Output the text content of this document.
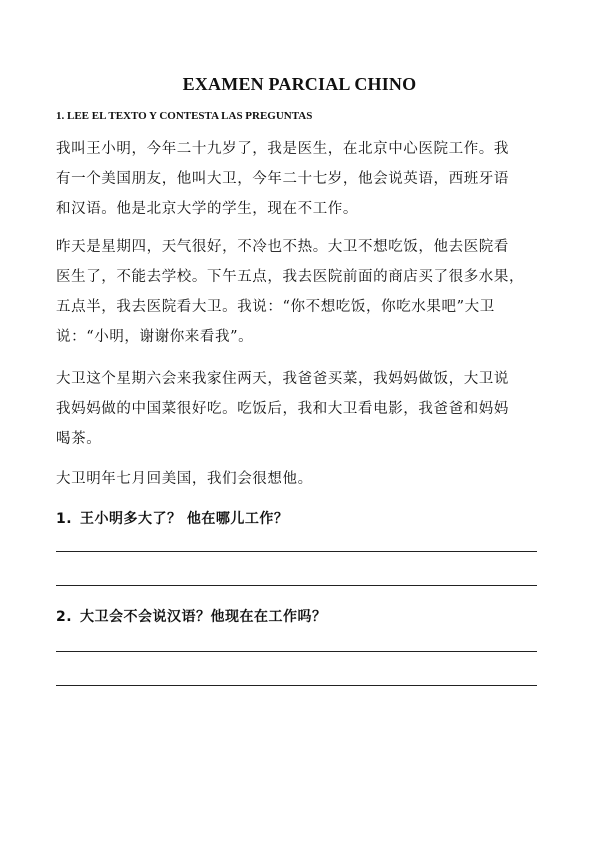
EXAMEN PARCIAL CHINO
1. LEE EL TEXTO Y CONTESTA LAS PREGUNTAS
我叫王小明，今年二十九岁了，我是医生，在北京中心医院工作。我
有一个美国朋友，他叫大卫，今年二十七岁，他会说英语，西班牙语
和汉语。他是北京大学的学生，现在不工作。
昨天是星期四，天气很好，不冷也不热。大卫不想吃饭，他去医院看
医生了，不能去学校。下午五点，我去医院前面的商店买了很多水果，
五点半，我去医院看大卫。我说：“你不想吃饭，你吃水果吧”大卫
说：“小明，谢谢你来看我”。
大卫这个星期六会来我家住两天，我爸爸买菜，我妈妈做饭，大卫说
我妈妈做的中国菜很好吃。吃饭后，我和大卫看电影，我爸爸和妈妈
喝茶。
大卫明年七月回美国，我们会很想他。
1. 王小明多大了？ 他在哪儿工作？
2. 大卫会不会说汉语？他现在在工作吗？
